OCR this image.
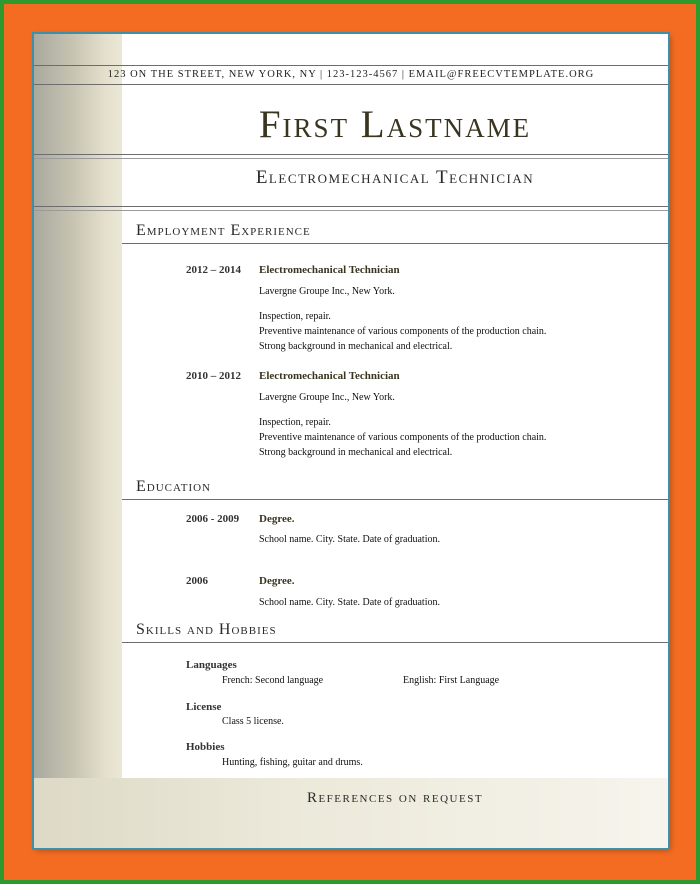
123 ON THE STREET, NEW YORK, NY | 123-123-4567 | EMAIL@FREECVTEMPLATE.ORG
First Lastname
Electromechanical Technician
Employment Experience
2012 – 2014 Electromechanical Technician
Lavergne Groupe Inc., New York.
Inspection, repair.
Preventive maintenance of various components of the production chain.
Strong background in mechanical and electrical.
2010 – 2012 Electromechanical Technician
Lavergne Groupe Inc., New York.
Inspection, repair.
Preventive maintenance of various components of the production chain.
Strong background in mechanical and electrical.
Education
2006 - 2009 Degree.
School name. City. State. Date of graduation.
2006	Degree.
School name. City. State. Date of graduation.
Skills and Hobbies
Languages
French: Second language	English: First Language
License
Class 5 license.
Hobbies
Hunting, fishing, guitar and drums.
References on request
